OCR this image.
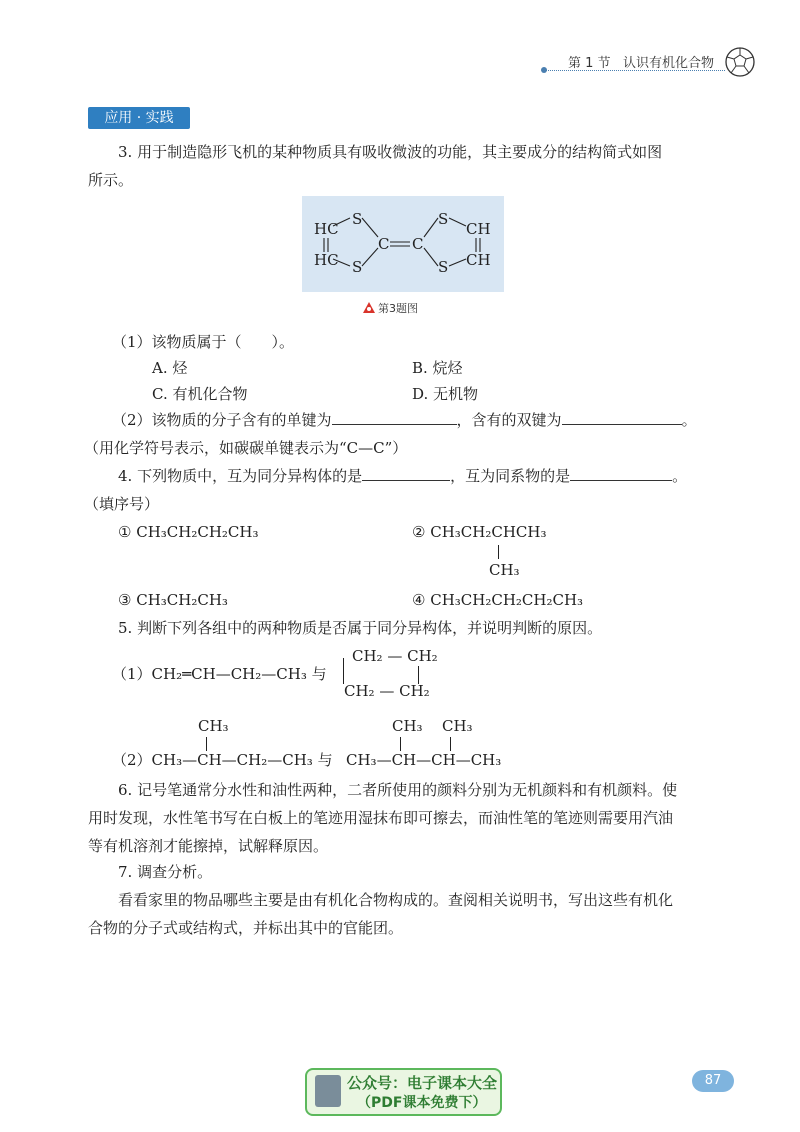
第 1 节 认识有机化合物
应用 · 实践
3. 用于制造隐形飞机的某种物质具有吸收微波的功能，其主要成分的结构简式如图
所示。
HC
HC
S
S
C C
S
S
CH
CH
第3题图
（1）该物质属于（　　）。
A. 烃	B. 烷烃
C. 有机化合物	D. 无机物
（2）该物质的分子含有的单键为	，含有的双键为	。
（用化学符号表示，如碳碳单键表示为“C—C”）
4. 下列物质中，互为同分异构体的是	，互为同系物的是	。
（填序号）
① CH₃CH₂CH₂CH₃	② CH₃CH₂CHCH₃
CH₃
③ CH₃CH₂CH₃	④ CH₃CH₂CH₂CH₂CH₃
5. 判断下列各组中的两种物质是否属于同分异构体，并说明判断的原因。
（1）CH₂═CH—CH₂—CH₃ 与
CH₂ — CH₂
CH₂ — CH₂
CH₃
（2）CH₃—CH—CH₂—CH₃ 与
CH₃ CH₃
CH₃—CH—CH—CH₃
6. 记号笔通常分水性和油性两种，二者所使用的颜料分别为无机颜料和有机颜料。使
用时发现，水性笔书写在白板上的笔迹用湿抹布即可擦去，而油性笔的笔迹则需要用汽油
等有机溶剂才能擦掉，试解释原因。
7. 调查分析。
看看家里的物品哪些主要是由有机化合物构成的。查阅相关说明书，写出这些有机化
合物的分子式或结构式，并标出其中的官能团。
公众号：电子课本大全
（PDF课本免费下）
87
